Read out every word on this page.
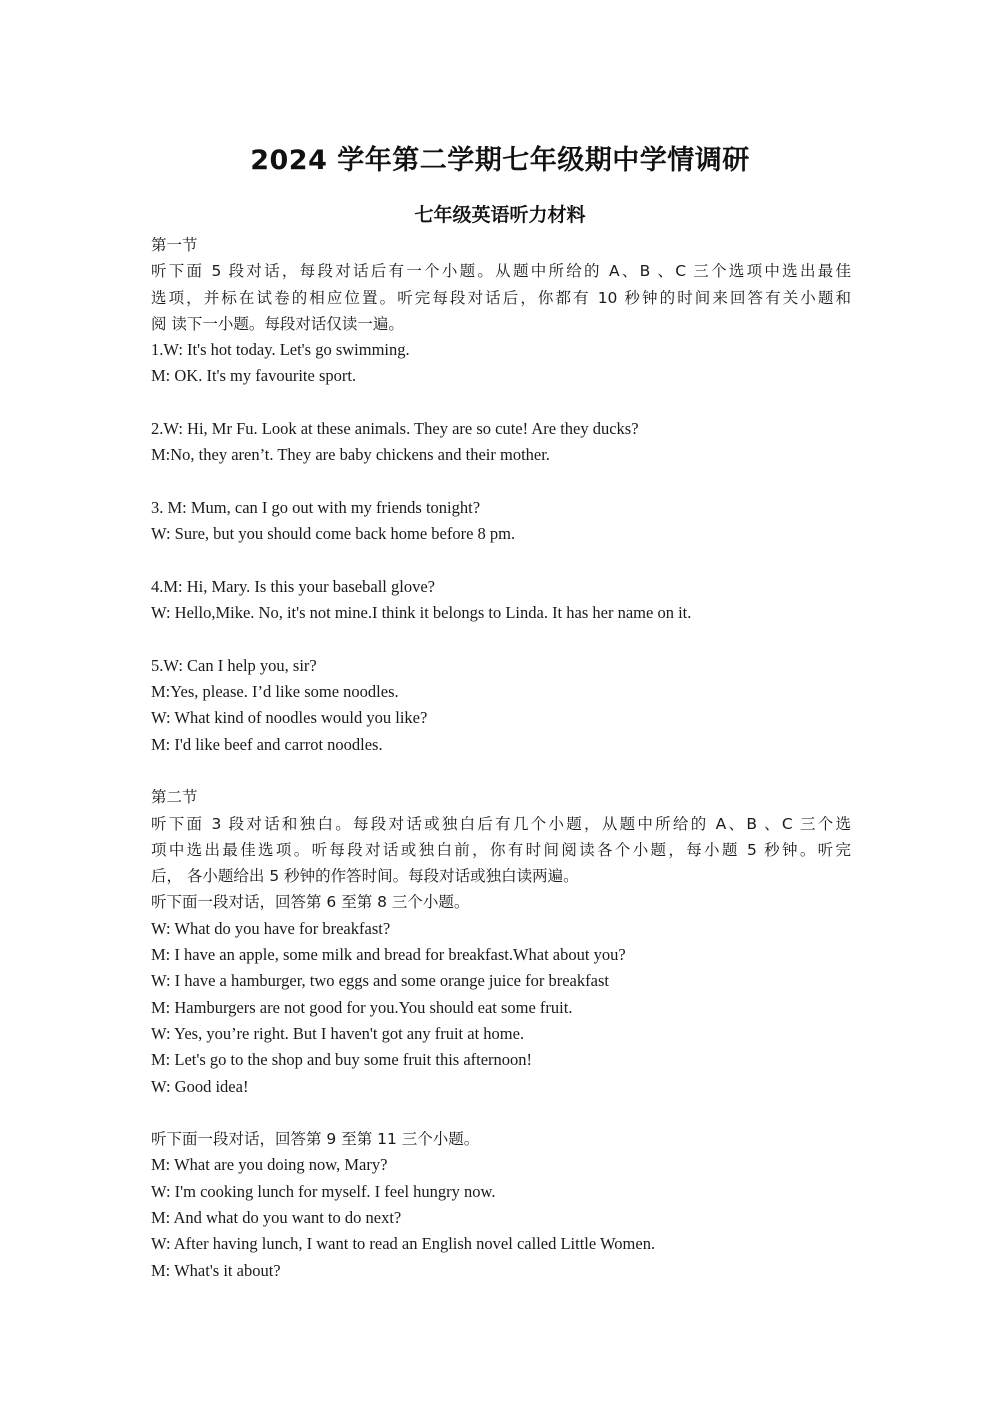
2024 学年第二学期七年级期中学情调研
七年级英语听力材料
第一节
听下面 5 段对话，每段对话后有一个小题。从题中所给的 A、B 、C 三个选项中选出最佳
选项，并标在试卷的相应位置。听完每段对话后，你都有 10 秒钟的时间来回答有关小题和
阅 读下一小题。每段对话仅读一遍。
1.W: It's hot today. Let's go swimming.
M: OK. It's my favourite sport.
2.W: Hi, Mr Fu. Look at these animals. They are so cute! Are they ducks?
M:No, they aren’t. They are baby chickens and their mother.
3. M: Mum, can I go out with my friends tonight?
W: Sure, but you should come back home before 8 pm.
4.M: Hi, Mary. Is this your baseball glove?
W: Hello,Mike. No, it's not mine.I think it belongs to Linda. It has her name on it.
5.W: Can I help you, sir?
M:Yes, please. I’d like some noodles.
W: What kind of noodles would you like?
M: I'd like beef and carrot noodles.
第二节
听下面 3 段对话和独白。每段对话或独白后有几个小题，从题中所给的 A、B 、C 三个选
项中选出最佳选项。听每段对话或独白前，你有时间阅读各个小题，每小题 5 秒钟。听完
后， 各小题给出 5 秒钟的作答时间。每段对话或独白读两遍。
听下面一段对话，回答第 6 至第 8 三个小题。
W: What do you have for breakfast?
M: I have an apple, some milk and bread for breakfast.What about you?
W: I have a hamburger, two eggs and some orange juice for breakfast
M: Hamburgers are not good for you.You should eat some fruit.
W: Yes, you’re right. But I haven't got any fruit at home.
M: Let's go to the shop and buy some fruit this afternoon!
W: Good idea!
听下面一段对话，回答第 9 至第 11 三个小题。
M: What are you doing now, Mary?
W: I'm cooking lunch for myself. I feel hungry now.
M: And what do you want to do next?
W: After having lunch, I want to read an English novel called Little Women.
M: What's it about?
